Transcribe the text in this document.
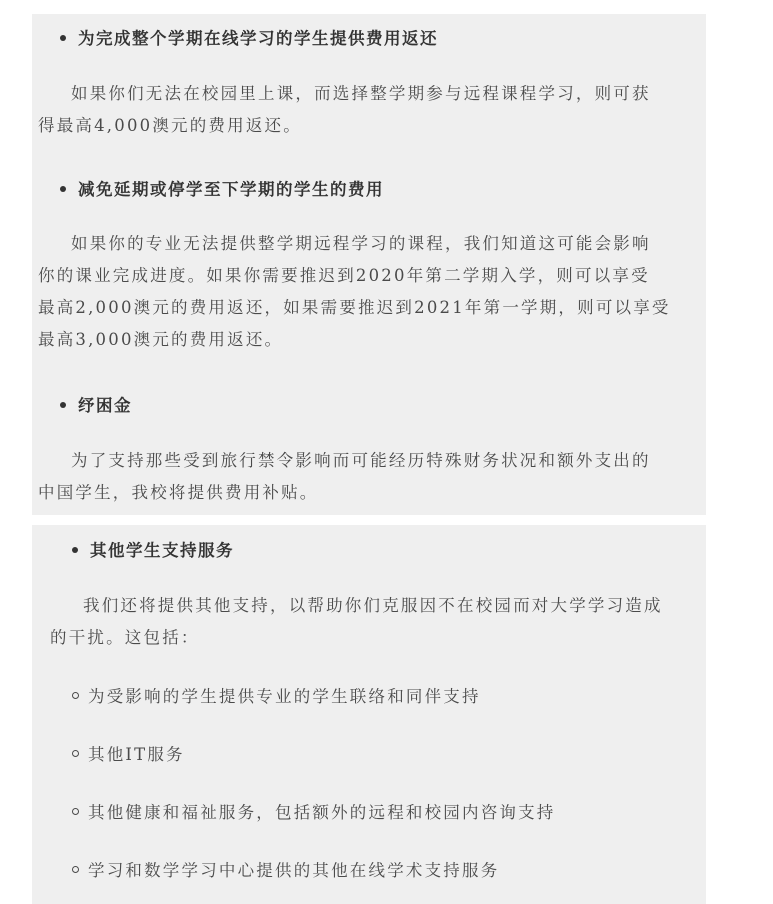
为完成整个学期在线学习的学生提供费用返还
如果你们无法在校园里上课，而选择整学期参与远程课程学习，则可获
得最高4,000澳元的费用返还。
减免延期或停学至下学期的学生的费用
如果你的专业无法提供整学期远程学习的课程，我们知道这可能会影响
你的课业完成进度。如果你需要推迟到2020年第二学期入学，则可以享受
最高2,000澳元的费用返还，如果需要推迟到2021年第一学期，则可以享受
最高3,000澳元的费用返还。
纾困金
为了支持那些受到旅行禁令影响而可能经历特殊财务状况和额外支出的
中国学生，我校将提供费用补贴。
其他学生支持服务
我们还将提供其他支持，以帮助你们克服因不在校园而对大学学习造成
的干扰。这包括：
为受影响的学生提供专业的学生联络和同伴支持
其他IT服务
其他健康和福祉服务，包括额外的远程和校园内咨询支持
学习和数学学习中心提供的其他在线学术支持服务
